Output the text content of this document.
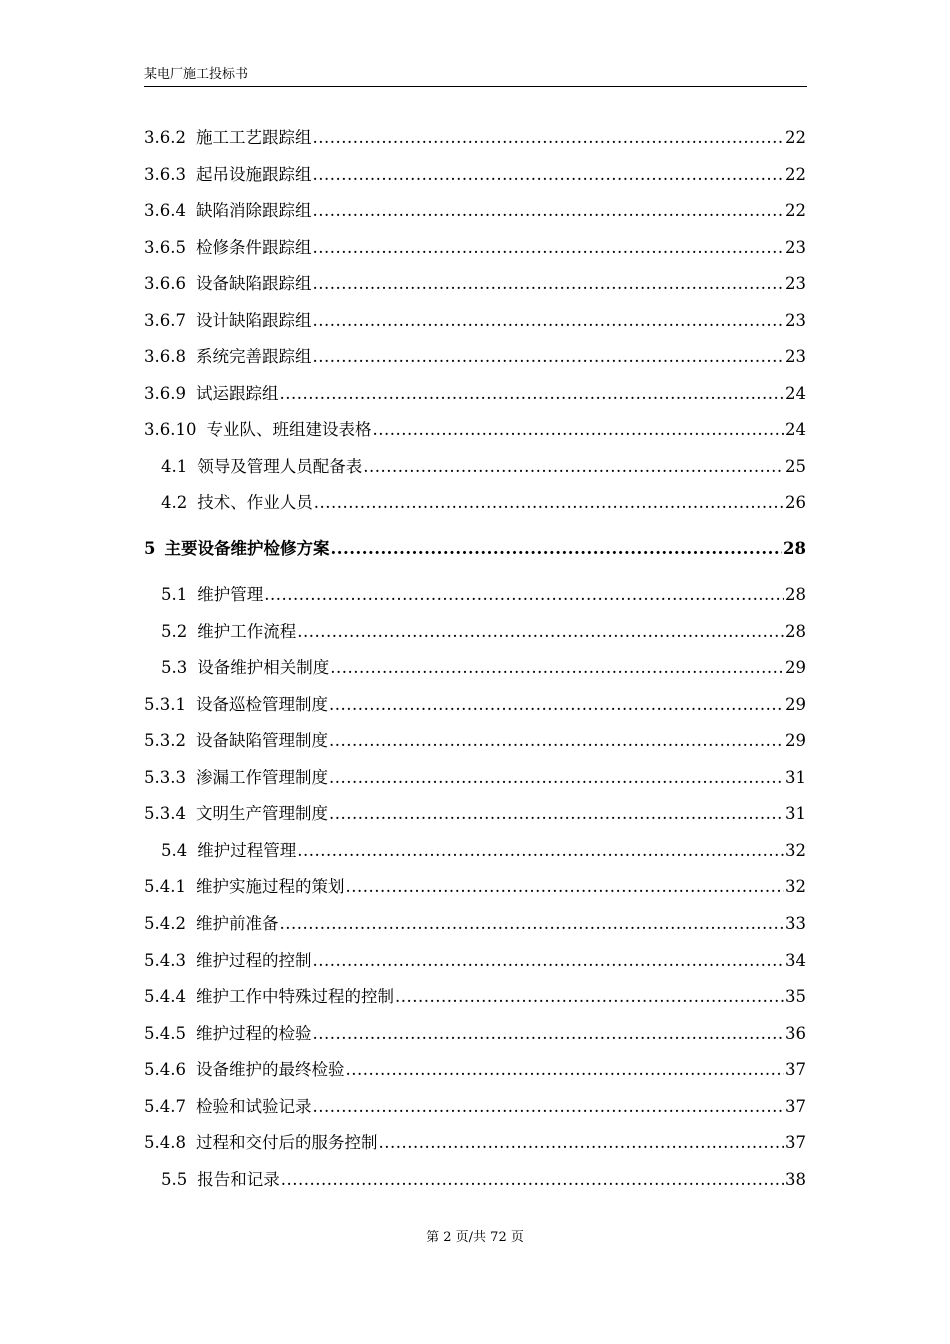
某电厂施工投标书
3.6.2 施工工艺跟踪组 .....	22
3.6.3 起吊设施跟踪组 .....	22
3.6.4 缺陷消除跟踪组 .....	22
3.6.5 检修条件跟踪组 .....	23
3.6.6 设备缺陷跟踪组 .....	23
3.6.7 设计缺陷跟踪组 .....	23
3.6.8 系统完善跟踪组 .....	23
3.6.9 试运跟踪组 .....	24
3.6.10 专业队、班组建设表格 .....	24
4.1 领导及管理人员配备表 .....	25
4.2 技术、作业人员 .....	26
5 主要设备维护检修方案 .....	28
5.1 维护管理 .....	28
5.2 维护工作流程 .....	28
5.3 设备维护相关制度 .....	29
5.3.1 设备巡检管理制度 .....	29
5.3.2 设备缺陷管理制度 .....	29
5.3.3 渗漏工作管理制度 .....	31
5.3.4 文明生产管理制度 .....	31
5.4 维护过程管理 .....	32
5.4.1 维护实施过程的策划 .....	32
5.4.2 维护前准备 .....	33
5.4.3 维护过程的控制 .....	34
5.4.4 维护工作中特殊过程的控制 .....	35
5.4.5 维护过程的检验 .....	36
5.4.6 设备维护的最终检验 .....	37
5.4.7 检验和试验记录 .....	37
5.4.8 过程和交付后的服务控制 .....	37
5.5 报告和记录 .....	38
第 2 页/共 72 页
